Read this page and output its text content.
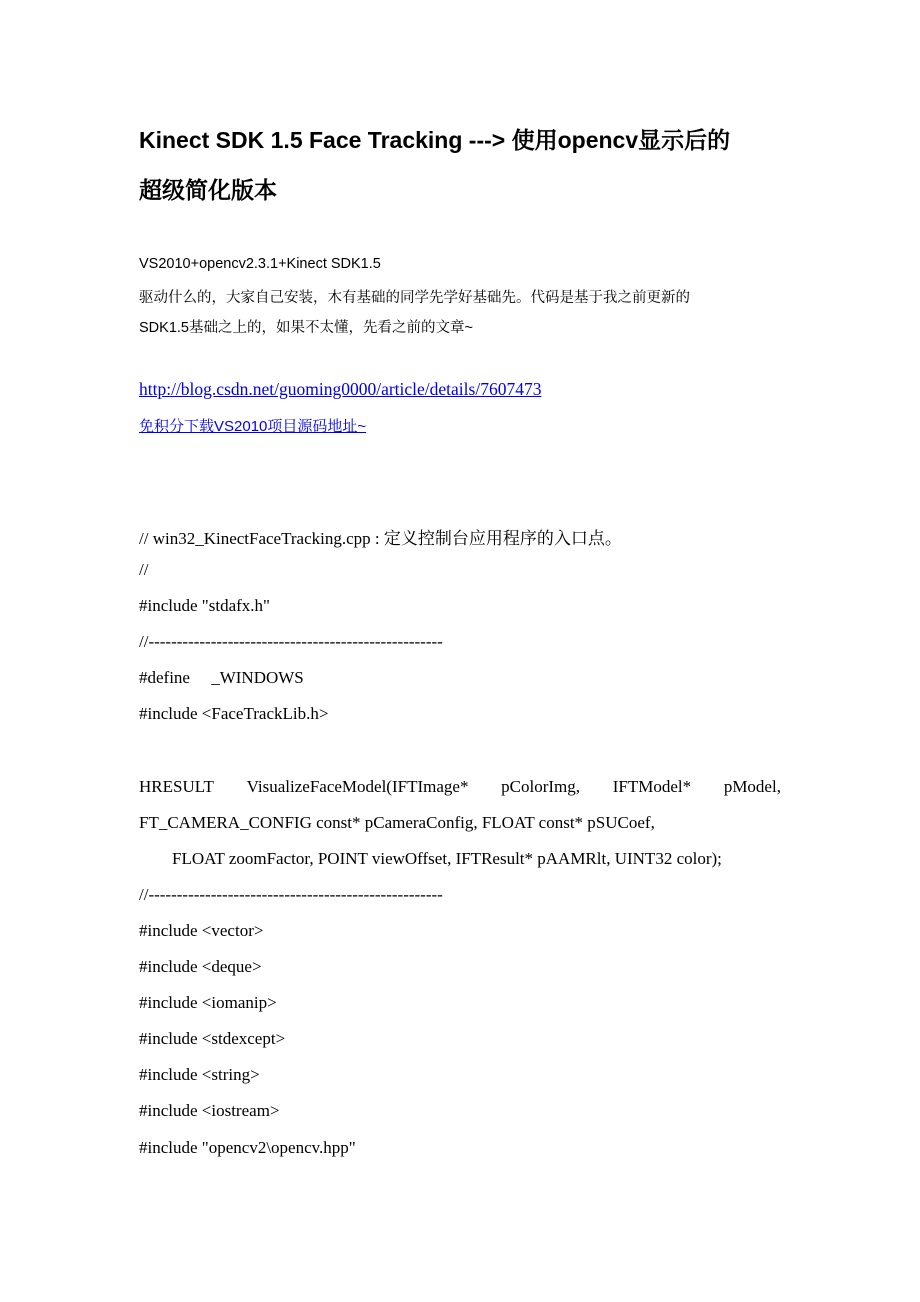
Kinect SDK 1.5 Face Tracking ---> 使用opencv显示后的
超级简化版本
VS2010+opencv2.3.1+Kinect SDK1.5
驱动什么的，大家自己安装，木有基础的同学先学好基础先。代码是基于我之前更新的
SDK1.5基础之上的，如果不太懂，先看之前的文章~
http://blog.csdn.net/guoming0000/article/details/7607473
免积分下载VS2010项目源码地址~
// win32_KinectFaceTracking.cpp : 定义控制台应用程序的入口点。
//
#include "stdafx.h"
//----------------------------------------------------
#define     _WINDOWS
#include <FaceTrackLib.h>
HRESULT VisualizeFaceModel(IFTImage* pColorImg, IFTModel* pModel,
FT_CAMERA_CONFIG const* pCameraConfig, FLOAT const* pSUCoef,
FLOAT zoomFactor, POINT viewOffset, IFTResult* pAAMRlt, UINT32 color);
//----------------------------------------------------
#include <vector>
#include <deque>
#include <iomanip>
#include <stdexcept>
#include <string>
#include <iostream>
#include "opencv2\opencv.hpp"
